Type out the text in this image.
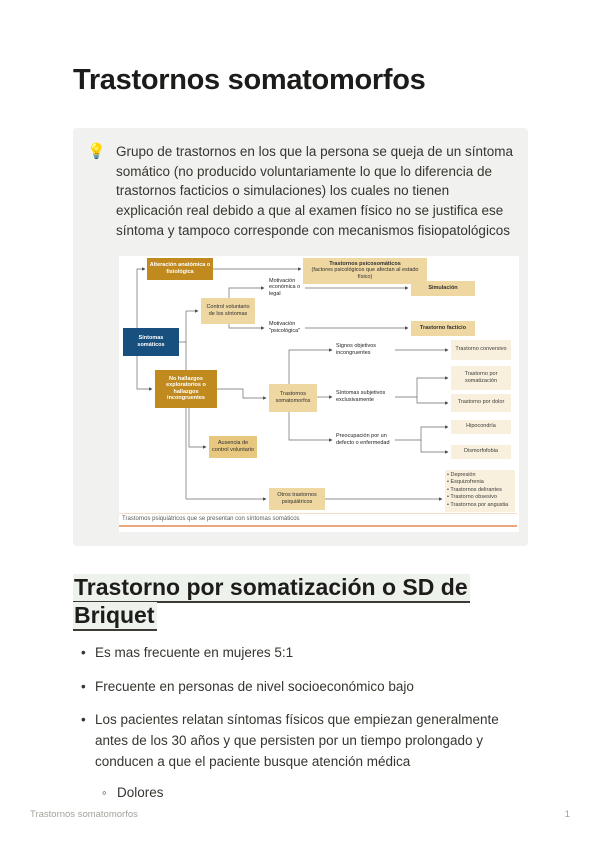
Trastornos somatomorfos
💡 Grupo de trastornos en los que la persona se queja de un síntoma somático (no producido voluntariamente lo que lo diferencia de trastornos facticios o simulaciones) los cuales no tienen explicación real debido a que al examen físico no se justifica ese síntoma y tampoco corresponde con mecanismos fisiopatológicos
Síntomas somáticos
Alteración anatómica o fisiológica
Trastornos psicosomáticos
(factores psicológicos que afectan al estado físico)
Control voluntario de los síntomas
Motivación económica o legal
Simulación
Motivación "psicológica"	Trastorno facticio
No hallazgos exploratorios o hallazgos incongruentes
Trastornos somatomorfos
Ausencia de control voluntario
Signos objetivos incongruentes
Trastorno conversivo
Síntomas subjetivos exclusivamente
Trastorno por somatización
Trastorno por dolor
Preocupación por un defecto o enfermedad
Hipocondría
Dismorfofobia
Otros trastornos psiquiátricos
• Depresión
• Esquizofrenia
• Trastornos delirantes
• Trastorno obsesivo
• Trastornos por angustia
Trastornos psiquiátricos que se presentan con síntomas somáticos
Trastorno por somatización o SD de Briquet
• Es mas frecuente en mujeres 5:1
• Frecuente en personas de nivel socioeconómico bajo
• Los pacientes relatan síntomas físicos que empiezan generalmente antes de los 30 años y que persisten por un tiempo prolongado y conducen a que el paciente busque atención médica
◦ Dolores
Trastornos somatomorfos	1
